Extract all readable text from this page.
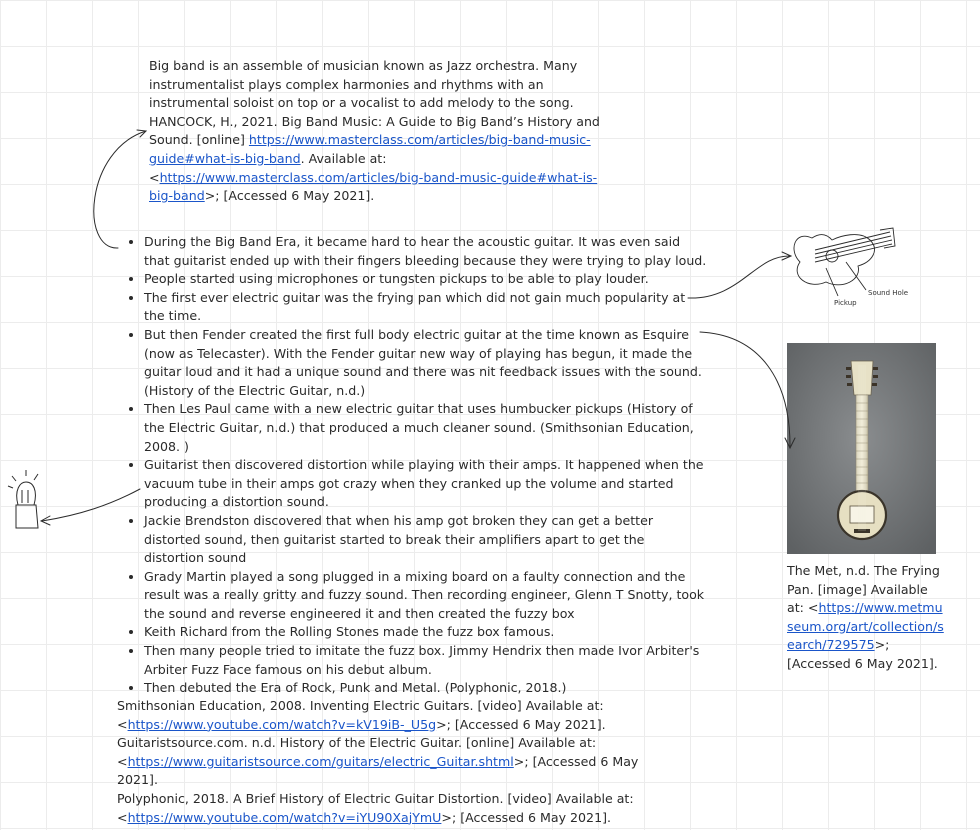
Big band is an assemble of musician known as Jazz orchestra. Many instrumentalist plays complex harmonies and rhythms with an instrumental soloist on top or a vocalist to add melody to the song. HANCOCK, H., 2021. Big Band Music: A Guide to Big Band’s History and Sound. [online] https://www.masterclass.com/articles/big-band-music-guide#what-is-big-band. Available at: <https://www.masterclass.com/articles/big-band-music-guide#what-is-big-band>; [Accessed 6 May 2021].
• During the Big Band Era, it became hard to hear the acoustic guitar. It was even said that guitarist ended up with their fingers bleeding because they were trying to play loud.
• People started using microphones or tungsten pickups to be able to play louder.
• The first ever electric guitar was the frying pan which did not gain much popularity at the time.
• But then Fender created the first full body electric guitar at the time known as Esquire (now as Telecaster). With the Fender guitar new way of playing has begun, it made the guitar loud and it had a unique sound and there was nit feedback issues with the sound. (History of the Electric Guitar, n.d.)
• Then Les Paul came with a new electric guitar that uses humbucker pickups (History of the Electric Guitar, n.d.) that produced a much cleaner sound. (Smithsonian Education, 2008. )
• Guitarist then discovered distortion while playing with their amps. It happened when the vacuum tube in their amps got crazy when they cranked up the volume and started producing a distortion sound.
• Jackie Brendston discovered that when his amp got broken they can get a better distorted sound, then guitarist started to break their amplifiers apart to get the distortion sound
• Grady Martin played a song plugged in a mixing board on a faulty connection and the result was a really gritty and fuzzy sound. Then recording engineer, Glenn T Snotty, took the sound and reverse engineered it and then created the fuzzy box
• Keith Richard from the Rolling Stones made the fuzz box famous.
• Then many people tried to imitate the fuzz box. Jimmy Hendrix then made Ivor Arbiter's Arbiter Fuzz Face famous on his debut album.
• Then debuted the Era of Rock, Punk and Metal. (Polyphonic, 2018.)
Smithsonian Education, 2008. Inventing Electric Guitars. [video] Available at: <https://www.youtube.com/watch?v=kV19iB-_U5g>; [Accessed 6 May 2021].
Guitaristsource.com. n.d. History of the Electric Guitar. [online] Available at: <https://www.guitaristsource.com/guitars/electric_Guitar.shtml>; [Accessed 6 May 2021].
Polyphonic, 2018. A Brief History of Electric Guitar Distortion. [video] Available at: <https://www.youtube.com/watch?v=iYU90XajYmU>; [Accessed 6 May 2021].
The Met, n.d. The Frying Pan. [image] Available at: <https://www.metmuseum.org/art/collection/search/729575>; [Accessed 6 May 2021].
Sound Hole
Pickup
